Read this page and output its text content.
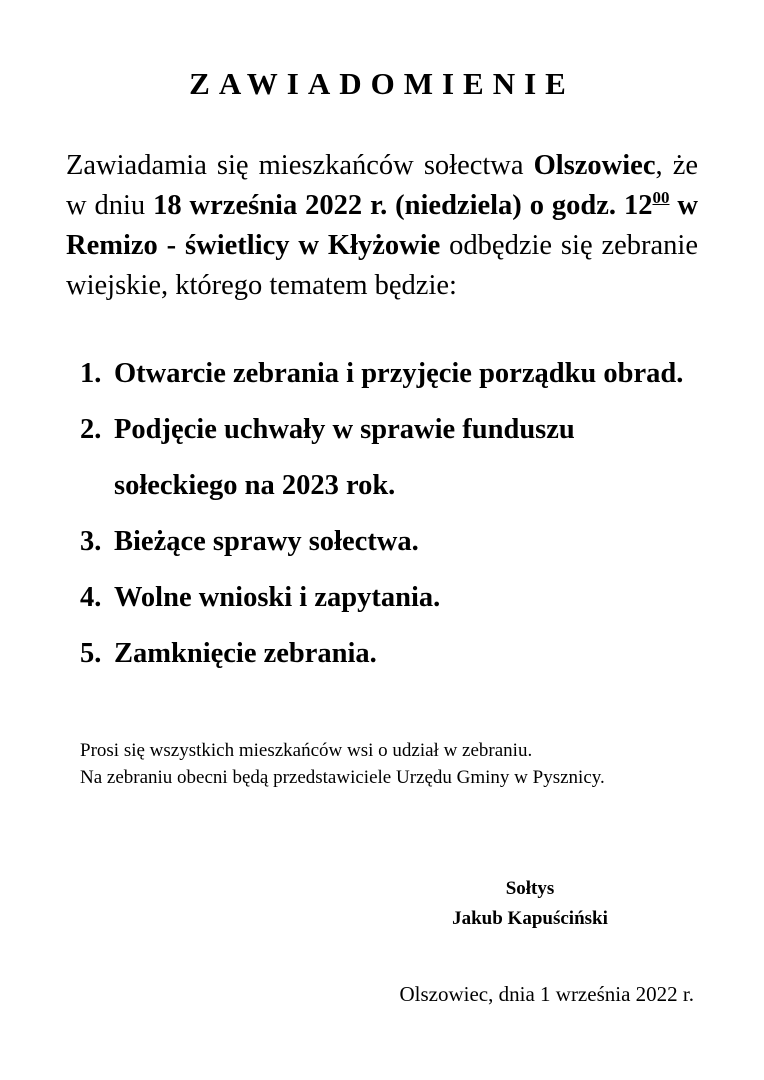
ZAWIADOMIENIE

Zawiadamia się mieszkańców sołectwa Olszowiec, że w dniu 18 września 2022 r. (niedziela) o godz. $12^{00}$ w Remizo - świetlicy w Kłyżowie odbędzie się zebranie wiejskie, którego tematem będzie:

1. Otwarcie zebrania i przyjęcie porządku obrad.
2. Podjęcie uchwały w sprawie funduszu sołeckiego na 2023 rok.
3. Bieżące sprawy sołectwa.
4. Wolne wnioski i zapytania.
5. Zamknięcie zebrania.

Prosi się wszystkich mieszkańców wsi o udział w zebraniu.

Na zebraniu obecni będą przedstawiciele Urzędu Gminy w Pysznicy.

Sołtys
Jakub Kapuściński
Olszowiec, dnia 1 września 2022 r.
